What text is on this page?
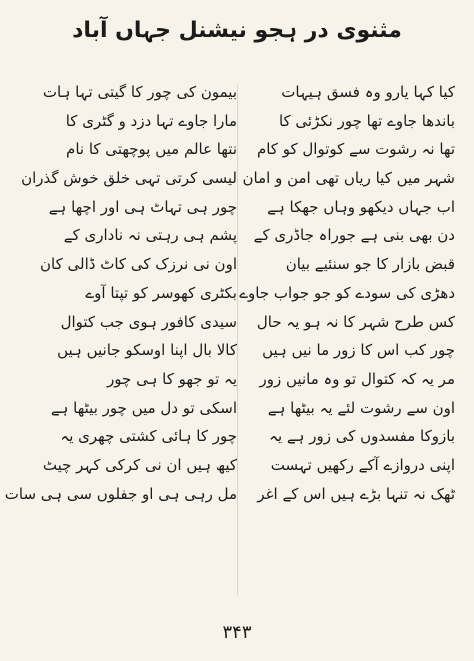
مثنوی در ہجو نیشنل جہاں آباد
کیا کہا یارو وہ فسق ہیہات
باندھا جاوے تھا چور نکڑئی کا
تھا نہ رشوت سے کوتوال کو کام
شہر میں کیا ریاں تھی امن و امان
اب جہاں دیکھو وہاں جھکا ہے
دن بھی بنی ہے جوراہ جاڈری کے
قبض بازار کا جو سنئیے بیان
دھڑی کی سودے کو جو جواب جاوے
کس طرح شہر کا نہ ہو یہ حال
چور کب اس کا زور ما نیں ہیں
مر یہ کہ کتوال تو وہ مانیں زور
اون سے رشوت لئے یہ بیٹھا ہے
بازوکا مفسدوں کی زور ہے یہ
اپنی دروازے آکے رکھیں تہست
ٹھک نہ تنہا بڑے ہیں اس کے اغر
بیمون کی چور کا گیتی تہا ہات
مارا جاوے تہا دزد و گٹری کا
نتھا عالم میں پوچھتی کا نام
لیسی کرتی تہی خلق خوش گذران
چور ہی تہاٹ ہی اور اچھا ہے
پشم ہی رہتی نہ ناداری کے
اون نی نرزک کی کاٹ ڈالی کان
بکٹری کھوسر کو تپتا آوے
سیدی کافور ہوی جب کتوال
کالا بال اپنا اوسکو جانیں ہیں
یہ تو جھو کا ہی چور
اسکی تو دل میں چور بیٹھا ہے
چور کا ہائی کشتی چھری یہ
کیھ ہیں ان نی کرکی کہر چیٹ
مل رہی ہی او جفلوں سی ہی سات
۳۴۳
